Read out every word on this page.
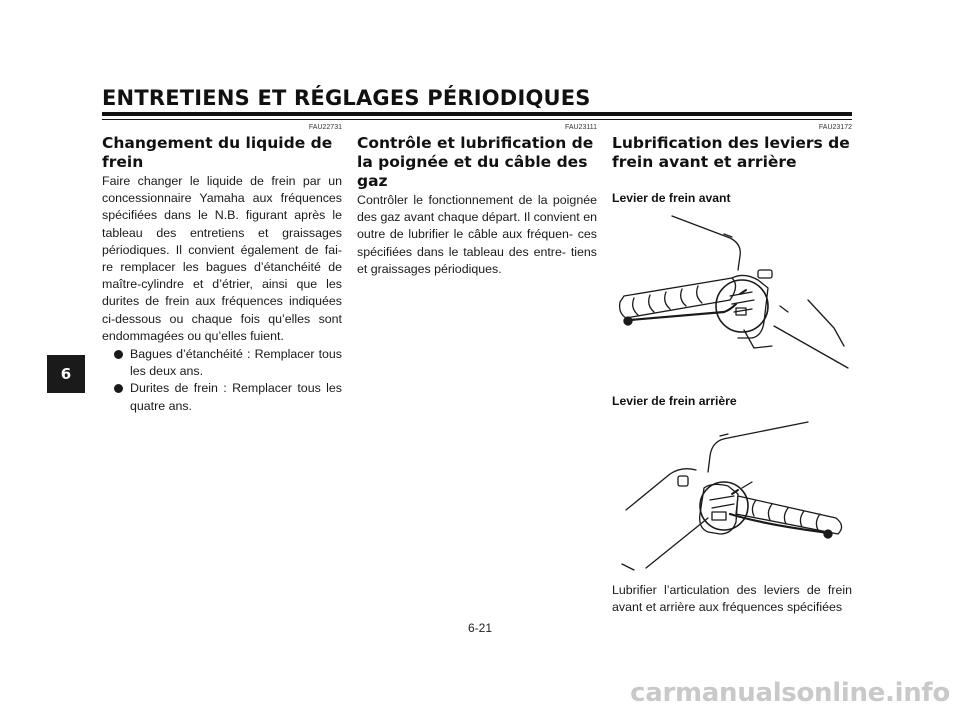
ENTRETIENS ET RÉGLAGES PÉRIODIQUES
6
FAU22731
Changement du liquide de frein

Faire changer le liquide de frein par un concessionnaire Yamaha aux fréquences spécifiées dans le N.B. figurant après le tableau des entretiens et graissages périodiques. Il convient également de fai- re remplacer les bagues d’étanchéité de maître-cylindre et d’étrier, ainsi que les durites de frein aux fréquences indiquées ci-dessous ou chaque fois qu’elles sont endommagées ou qu’elles fuient.

Bagues d’étanchéité : Remplacer tous les deux ans.
Durites de frein : Remplacer tous les quatre ans.
FAU23111
Contrôle et lubrification de la poignée et du câble des gaz

Contrôler le fonctionnement de la poignée des gaz avant chaque départ. Il convient en outre de lubrifier le câble aux fréquen- ces spécifiées dans le tableau des entre- tiens et graissages périodiques.

FAU23172
Lubrification des leviers de frein avant et arrière
Levier de frein avant
Levier de frein arrière

Lubrifier l’articulation des leviers de frein avant et arrière aux fréquences spécifiées

6-21
carmanualsonline.info
